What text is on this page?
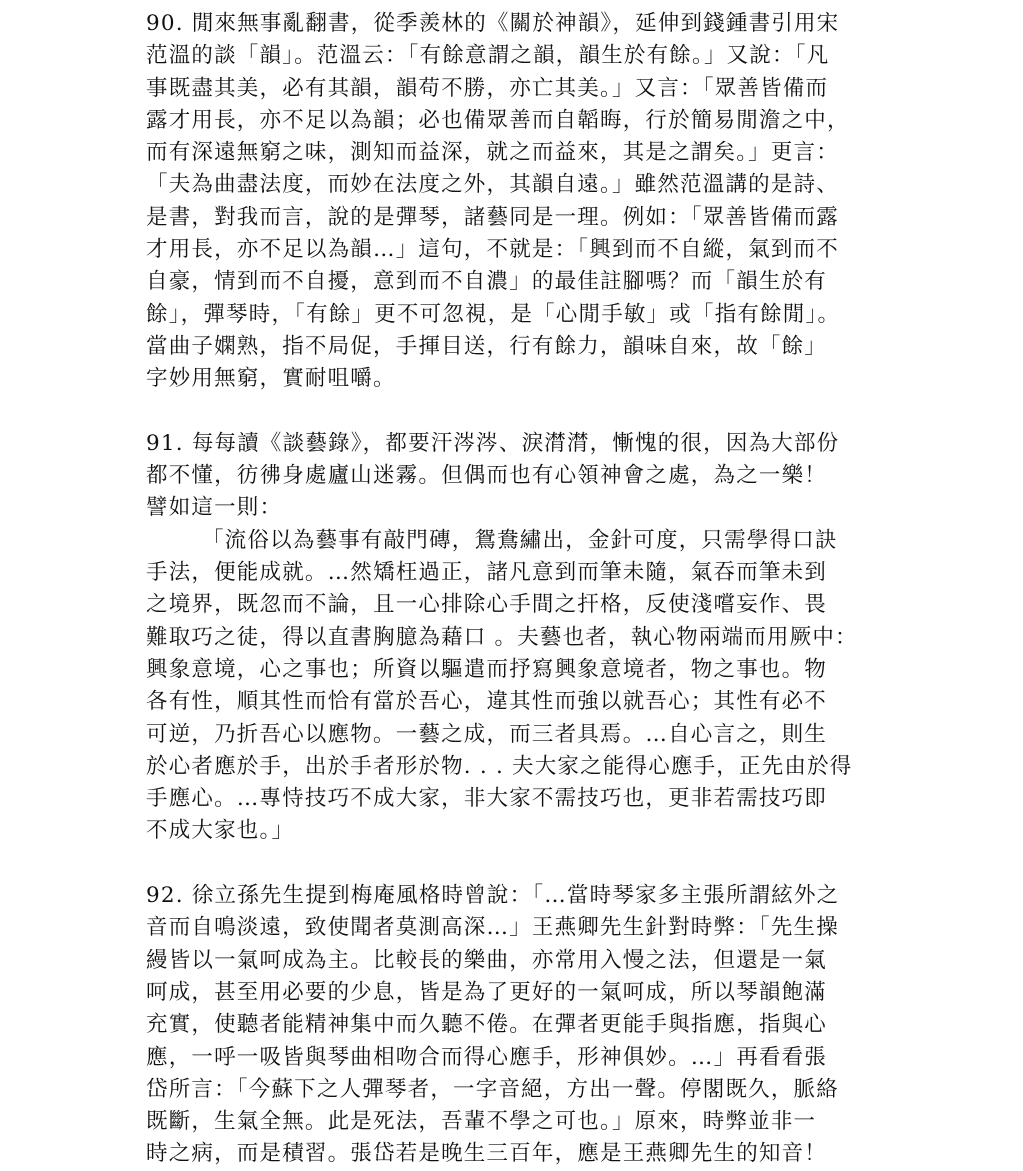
90. 閒來無事亂翻書，從季羨林的《關於神韻》，延伸到錢鍾書引用宋
范溫的談「韻」。范溫云：「有餘意謂之韻，韻生於有餘。」又說：「凡
事既盡其美，必有其韻，韻苟不勝，亦亡其美。」又言：「眾善皆備而
露才用長，亦不足以為韻；必也備眾善而自韜晦，行於簡易閒澹之中，
而有深遠無窮之味，測知而益深，就之而益來，其是之謂矣。」更言：
「夫為曲盡法度，而妙在法度之外，其韻自遠。」雖然范溫講的是詩、
是書，對我而言，說的是彈琴，諸藝同是一理。例如：「眾善皆備而露
才用長，亦不足以為韻…」這句，不就是：「興到而不自縱，氣到而不
自豪，情到而不自擾，意到而不自濃」的最佳註腳嗎？而「韻生於有
餘」，彈琴時，「有餘」更不可忽視，是「心閒手敏」或「指有餘閒」。
當曲子嫻熟，指不局促，手揮目送，行有餘力，韻味自來，故「餘」
字妙用無窮，實耐咀嚼。
91. 每每讀《談藝錄》，都要汗涔涔、淚潸潸，慚愧的很，因為大部份
都不懂，彷彿身處廬山迷霧。但偶而也有心領神會之處，為之一樂！
譬如這一則：
「流俗以為藝事有敲門磚，鴛鴦繡出，金針可度，只需學得口訣
手法，便能成就。…然矯枉過正，諸凡意到而筆未隨，氣吞而筆未到
之境界，既忽而不論，且一心排除心手間之扞格，反使淺嚐妄作、畏
難取巧之徒，得以直書胸臆為藉口 。夫藝也者，執心物兩端而用厥中：
興象意境，心之事也；所資以驅遣而抒寫興象意境者，物之事也。物
各有性，順其性而恰有當於吾心，違其性而強以就吾心；其性有必不
可逆，乃折吾心以應物。一藝之成，而三者具焉。…自心言之，則生
於心者應於手，出於手者形於物. . . 夫大家之能得心應手，正先由於得
手應心。…專恃技巧不成大家，非大家不需技巧也，更非若需技巧即
不成大家也。」
92. 徐立孫先生提到梅庵風格時曾說：「…當時琴家多主張所謂絃外之
音而自鳴淡遠，致使聞者莫測高深…」王燕卿先生針對時弊：「先生操
縵皆以一氣呵成為主。比較長的樂曲，亦常用入慢之法，但還是一氣
呵成，甚至用必要的少息，皆是為了更好的一氣呵成，所以琴韻飽滿
充實，使聽者能精神集中而久聽不倦。在彈者更能手與指應，指與心
應，一呼一吸皆與琴曲相吻合而得心應手，形神俱妙。…」再看看張
岱所言：「今蘇下之人彈琴者，一字音絕，方出一聲。停閣既久，脈絡
既斷，生氣全無。此是死法，吾輩不學之可也。」原來，時弊並非一
時之病，而是積習。張岱若是晚生三百年，應是王燕卿先生的知音！
